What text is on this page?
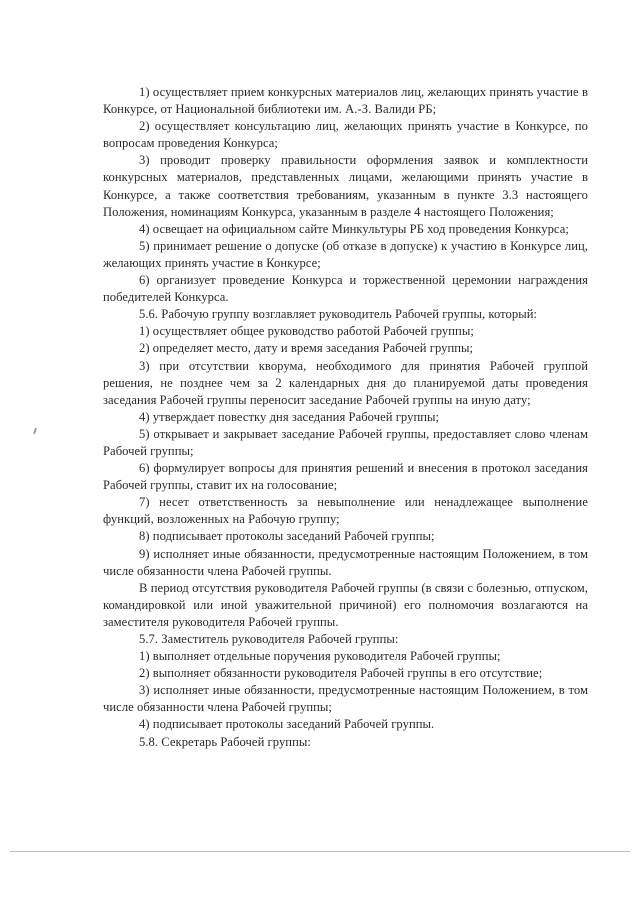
1) осуществляет прием конкурсных материалов лиц, желающих принять участие в Конкурсе, от Национальной библиотеки им. А.-З. Валиди РБ;

2) осуществляет консультацию лиц, желающих принять участие в Конкурсе, по вопросам проведения Конкурса;

3) проводит проверку правильности оформления заявок и комплектности конкурсных материалов, представленных лицами, желающими принять участие в Конкурсе, а также соответствия требованиям, указанным в пункте 3.3 настоящего Положения, номинациям Конкурса, указанным в разделе 4 настоящего Положения;

4) освещает на официальном сайте Минкультуры РБ ход проведения Конкурса;

5) принимает решение о допуске (об отказе в допуске) к участию в Конкурсе лиц, желающих принять участие в Конкурсе;

6) организует проведение Конкурса и торжественной церемонии награждения победителей Конкурса.

5.6. Рабочую группу возглавляет руководитель Рабочей группы, который:

1) осуществляет общее руководство работой Рабочей группы;

2) определяет место, дату и время заседания Рабочей группы;

3) при отсутствии кворума, необходимого для принятия Рабочей группой решения, не позднее чем за 2 календарных дня до планируемой даты проведения заседания Рабочей группы переносит заседание Рабочей группы на иную дату;

4) утверждает повестку дня заседания Рабочей группы;

5) открывает и закрывает заседание Рабочей группы, предоставляет слово членам Рабочей группы;

6) формулирует вопросы для принятия решений и внесения в протокол заседания Рабочей группы, ставит их на голосование;

7) несет ответственность за невыполнение или ненадлежащее выполнение функций, возложенных на Рабочую группу;

8) подписывает протоколы заседаний Рабочей группы;

9) исполняет иные обязанности, предусмотренные настоящим Положением, в том числе обязанности члена Рабочей группы.

В период отсутствия руководителя Рабочей группы (в связи с болезнью, отпуском, командировкой или иной уважительной причиной) его полномочия возлагаются на заместителя руководителя Рабочей группы.

5.7. Заместитель руководителя Рабочей группы:

1) выполняет отдельные поручения руководителя Рабочей группы;

2) выполняет обязанности руководителя Рабочей группы в его отсутствие;

3) исполняет иные обязанности, предусмотренные настоящим Положением, в том числе обязанности члена Рабочей группы;

4) подписывает протоколы заседаний Рабочей группы.

5.8. Секретарь Рабочей группы:
